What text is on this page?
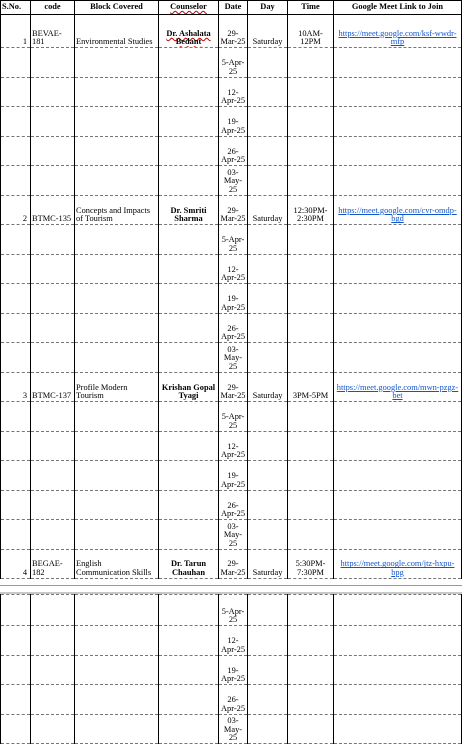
S.No.	code	Block Covered	Counselor	Date	Day	Time	Google Meet Link to Join
1	BEVAE-181	Environmental Studies	Dr. Ashalata Bedant	29-Mar-25	Saturday	10AM-12PM	https://meet.google.com/ksf-wwdr-mfp
				5-Apr-25			
				12-Apr-25			
				19-Apr-25			
				26-Apr-25			
				03-May-25			
2	BTMC-135	Concepts and Impacts of Tourism	Dr. Smriti Sharma	29-Mar-25	Saturday	12:30PM-2:30PM	https://meet.google.com/cvr-omdp-bgd
				5-Apr-25			
				12-Apr-25			
				19-Apr-25			
				26-Apr-25			
				03-May-25			
3	BTMC-137	Profile Modern Tourism	Krishan Gopal Tyagi	29-Mar-25	Saturday	3PM-5PM	https://meet.google.com/mwn-pzgz-bet
				5-Apr-25			
				12-Apr-25			
				19-Apr-25			
				26-Apr-25			
				03-May-25			
4	BEGAE-182	English Communication Skills	Dr. Tarun Chauhan	29-Mar-25	Saturday	5:30PM-7:30PM	https://meet.google.com/jtz-hxpu-bpg
				5-Apr-25			
				12-Apr-25			
				19-Apr-25			
				26-Apr-25			
				03-May-25			
